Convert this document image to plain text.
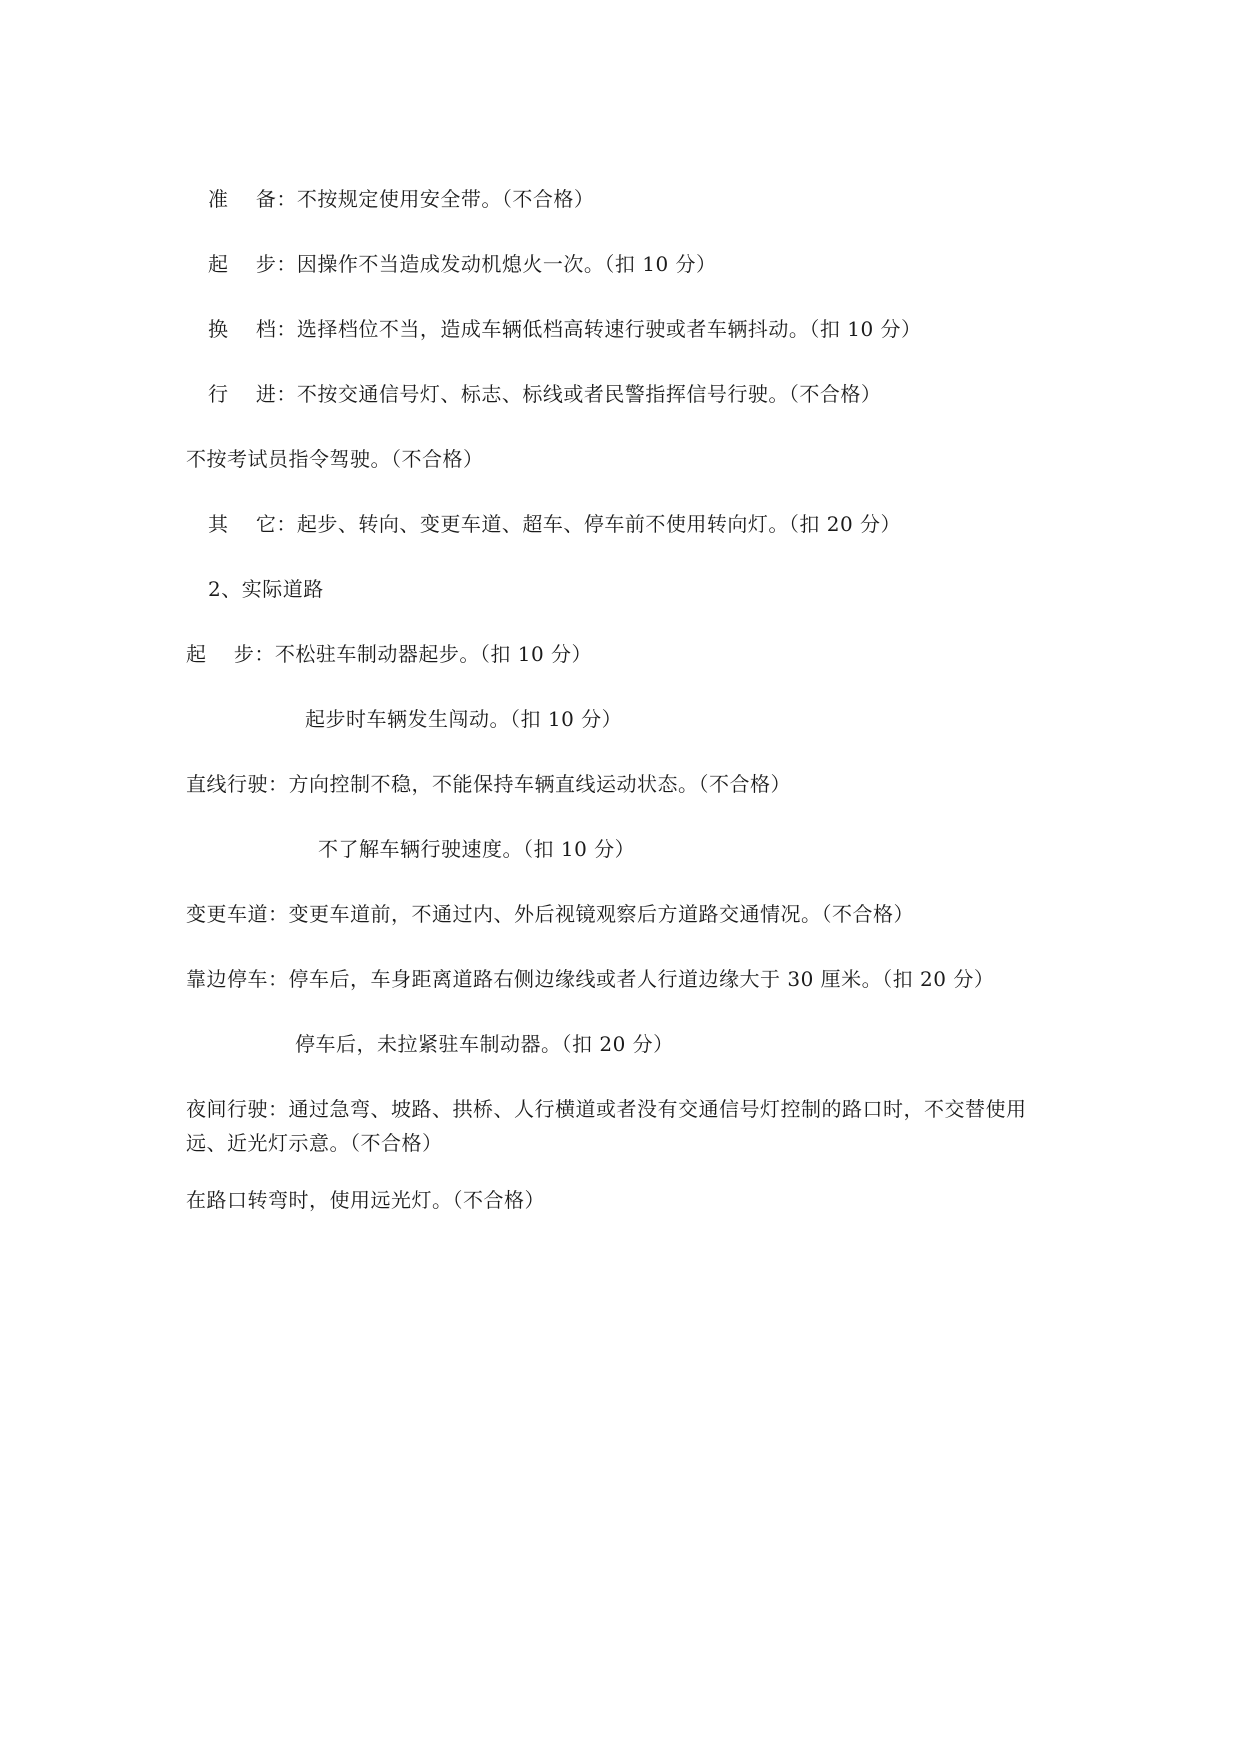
准　 备：不按规定使用安全带。（不合格）
起　 步：因操作不当造成发动机熄火一次。（扣 10 分）
换　 档：选择档位不当，造成车辆低档高转速行驶或者车辆抖动。（扣 10 分）
行　 进：不按交通信号灯、标志、标线或者民警指挥信号行驶。（不合格）
不按考试员指令驾驶。（不合格）
其　 它：起步、转向、变更车道、超车、停车前不使用转向灯。（扣 20 分）
2、实际道路
起　 步：不松驻车制动器起步。（扣 10 分）
起步时车辆发生闯动。（扣 10 分）
直线行驶：方向控制不稳，不能保持车辆直线运动状态。（不合格）
不了解车辆行驶速度。（扣 10 分）
变更车道：变更车道前，不通过内、外后视镜观察后方道路交通情况。（不合格）
靠边停车：停车后，车身距离道路右侧边缘线或者人行道边缘大于 30 厘米。（扣 20 分）
停车后，未拉紧驻车制动器。（扣 20 分）
夜间行驶：通过急弯、坡路、拱桥、人行横道或者没有交通信号灯控制的路口时，不交替使用远、近光灯示意。（不合格）
在路口转弯时，使用远光灯。（不合格）
